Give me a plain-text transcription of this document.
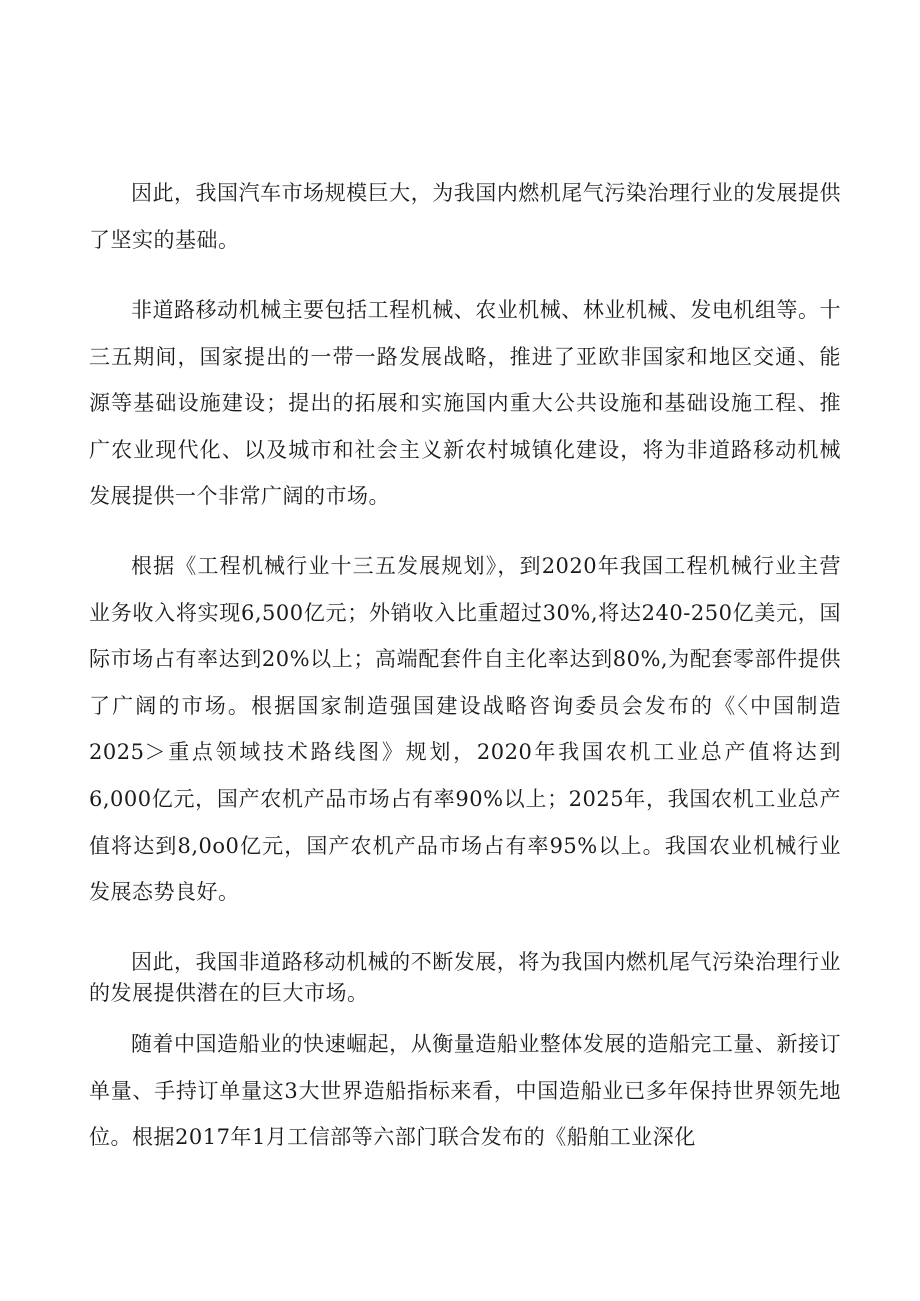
因此，我国汽车市场规模巨大，为我国内燃机尾气污染治理行业的发展提供了坚实的基础。

非道路移动机械主要包括工程机械、农业机械、林业机械、发电机组等。十三五期间，国家提出的一带一路发展战略，推进了亚欧非国家和地区交通、能源等基础设施建设；提出的拓展和实施国内重大公共设施和基础设施工程、推广农业现代化、以及城市和社会主义新农村城镇化建设，将为非道路移动机械发展提供一个非常广阔的市场。

根据《工程机械行业十三五发展规划》，到2020年我国工程机械行业主营业务收入将实现6,500亿元；外销收入比重超过30%,将达240-250亿美元，国际市场占有率达到20%以上；高端配套件自主化率达到80%,为配套零部件提供了广阔的市场。根据国家制造强国建设战略咨询委员会发布的《〈中国制造2025＞重点领域技术路线图》规划，2020年我国农机工业总产值将达到6,000亿元，国产农机产品市场占有率90%以上；2025年，我国农机工业总产值将达到8,0o0亿元，国产农机产品市场占有率95%以上。我国农业机械行业发展态势良好。

因此，我国非道路移动机械的不断发展，将为我国内燃机尾气污染治理行业的发展提供潜在的巨大市场。

随着中国造船业的快速崛起，从衡量造船业整体发展的造船完工量、新接订单量、手持订单量这3大世界造船指标来看，中国造船业已多年保持世界领先地位。根据2017年1月工信部等六部门联合发布的《船舶工业深化
